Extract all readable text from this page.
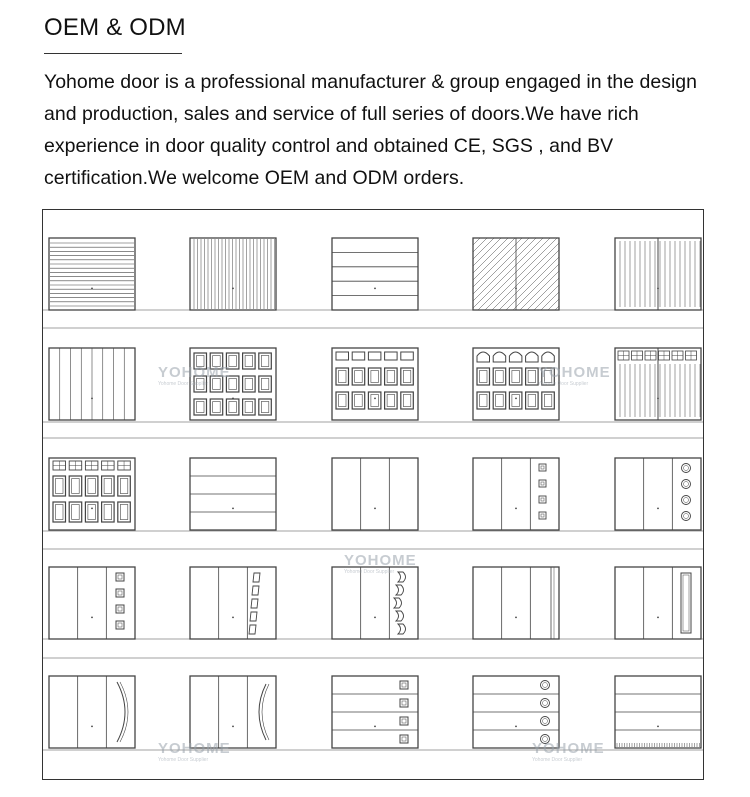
OEM & ODM

Yohome door is a professional manufacturer & group engaged in the design and production, sales and service of full series of doors.We have rich experience in door quality control and obtained CE, SGS , and BV certification.We welcome OEM and ODM orders.

YOHOME
Yohome Door Supplier
YOHOME
Yohome Door Supplier
YOHOME
Yohome Door Supplier
YOHOME
Yohome Door Supplier
YOHOME
Yohome Door Supplier
